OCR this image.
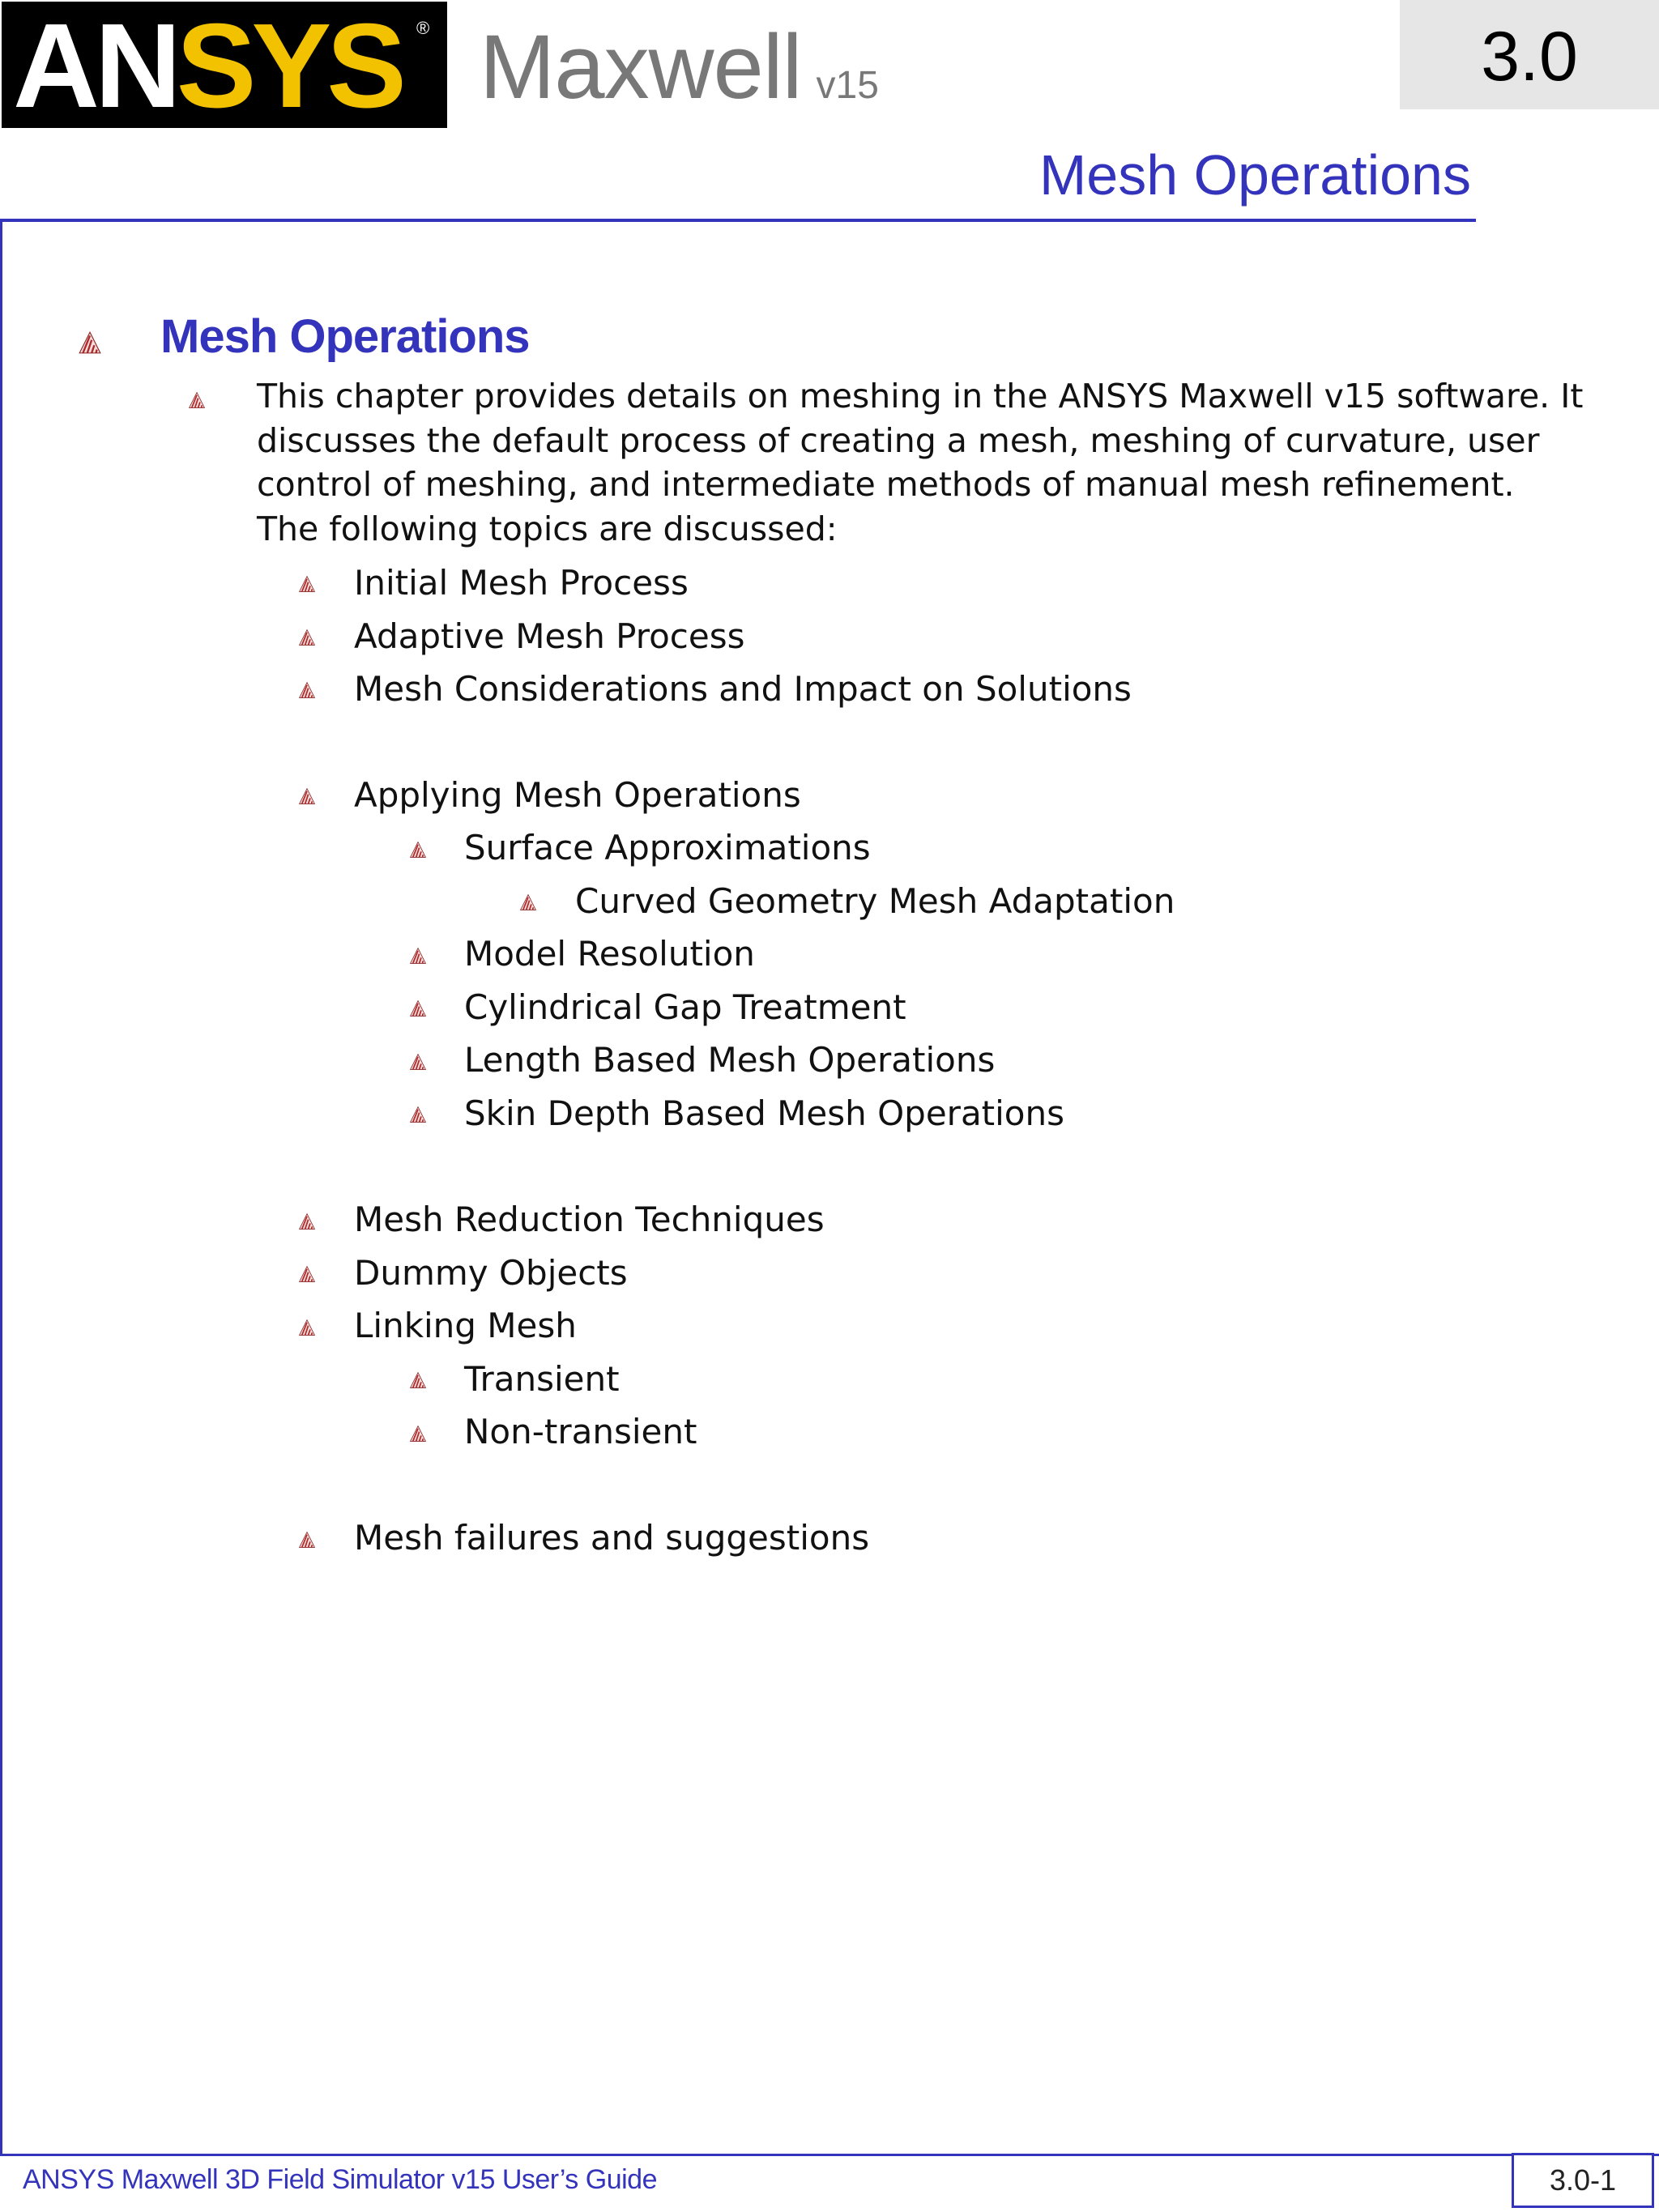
ANSYS ® Maxwell v15	3.0
Mesh Operations
Mesh Operations
This chapter provides details on meshing in the ANSYS Maxwell v15 software. It discusses the default process of creating a mesh, meshing of curvature, user control of meshing, and intermediate methods of manual mesh refinement. The following topics are discussed:
Initial Mesh Process
Adaptive Mesh Process
Mesh Considerations and Impact on Solutions
Applying Mesh Operations
Surface Approximations
Curved Geometry Mesh Adaptation
Model Resolution
Cylindrical Gap Treatment
Length Based Mesh Operations
Skin Depth Based Mesh Operations
Mesh Reduction Techniques
Dummy Objects
Linking Mesh
Transient
Non-transient
Mesh failures and suggestions
ANSYS Maxwell 3D Field Simulator v15 User’s Guide	3.0-1
